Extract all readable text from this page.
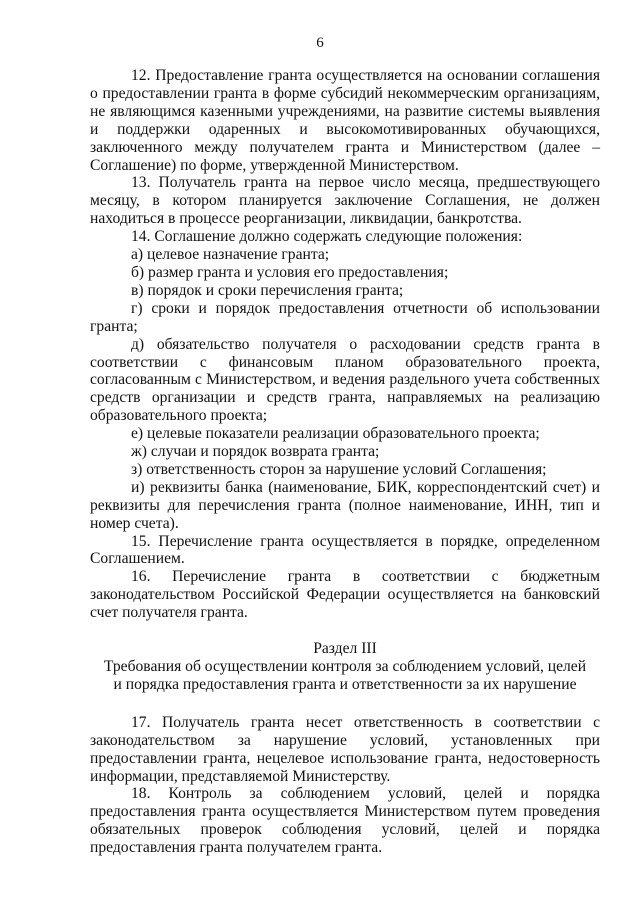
6

12. Предоставление гранта осуществляется на основании соглашения о предоставлении гранта в форме субсидий некоммерческим организациям, не являющимся казенными учреждениями, на развитие системы выявления и поддержки одаренных и высокомотивированных обучающихся, заключенного между получателем гранта и Министерством (далее – Соглашение) по форме, утвержденной Министерством.

13. Получатель гранта на первое число месяца, предшествующего месяцу, в котором планируется заключение Соглашения, не должен находиться в процессе реорганизации, ликвидации, банкротства.

14. Соглашение должно содержать следующие положения:

а) целевое назначение гранта;

б) размер гранта и условия его предоставления;

в) порядок и сроки перечисления гранта;

г) сроки и порядок предоставления отчетности об использовании гранта;

д) обязательство получателя о расходовании средств гранта в соответствии с финансовым планом образовательного проекта, согласованным с Министерством, и ведения раздельного учета собственных средств организации и средств гранта, направляемых на реализацию образовательного проекта;

е) целевые показатели реализации образовательного проекта;

ж) случаи и порядок возврата гранта;

з) ответственность сторон за нарушение условий Соглашения;

и) реквизиты банка (наименование, БИК, корреспондентский счет) и реквизиты для перечисления гранта (полное наименование, ИНН, тип и номер счета).

15. Перечисление гранта осуществляется в порядке, определенном Соглашением.

16. Перечисление гранта в соответствии с бюджетным законодательством Российской Федерации осуществляется на банковский счет получателя гранта.

Раздел III

Требования об осуществлении контроля за соблюдением условий, целей

и порядка предоставления гранта и ответственности за их нарушение

17. Получатель гранта несет ответственность в соответствии с законодательством за нарушение условий, установленных при предоставлении гранта, нецелевое использование гранта, недостоверность информации, представляемой Министерству.

18. Контроль за соблюдением условий, целей и порядка предоставления гранта осуществляется Министерством путем проведения обязательных проверок соблюдения условий, целей и порядка предоставления гранта получателем гранта.
